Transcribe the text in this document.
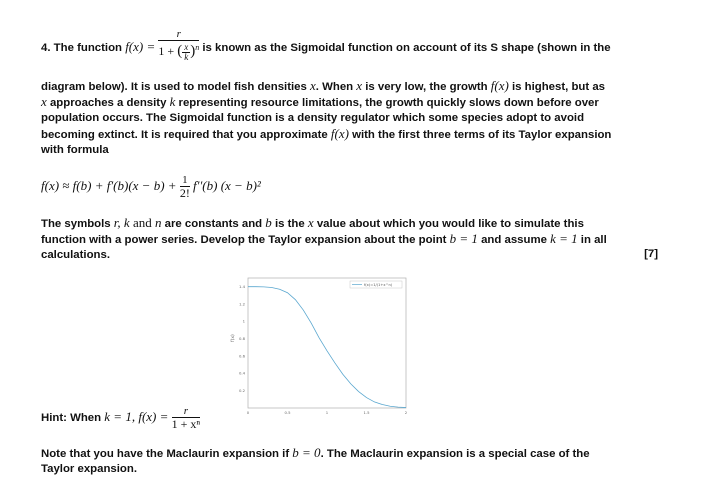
4. The function $f(x) = \frac{r}{1 + ( \frac{x}{k} )^n}$ is known as the Sigmoidal function on account of its S shape (shown in the
diagram below). It is used to model fish densities x. When x is very low, the growth f(x) is highest, but as
x approaches a density k representing resource limitations, the growth quickly slows down before over
population occurs. The Sigmoidal function is a density regulator which some species adopt to avoid
becoming extinct. It is required that you approximate f(x) with the first three terms of its Taylor expansion
with formula
$f(x) \approx f(b) + f'(b)(x - b) + \frac{1}{2!} f''(b) (x - b)^2$
The symbols r, k and n are constants and b is the x value about which you would like to simulate this
function with a power series. Develop the Taylor expansion about the point b = 1 and assume k = 1 in all
calculations.	[7]
0.2
0.4
0.6
0.8
1
1.2
1.4
0	0.5	1	1.5	2
f(x)
f(x)=1/(1+x^n)
Hint: When k = 1, $f(x) = \frac{r}{\text{1 + xⁿ}}$
Note that you have the Maclaurin expansion if b = 0. The Maclaurin expansion is a special case of the
Taylor expansion.
